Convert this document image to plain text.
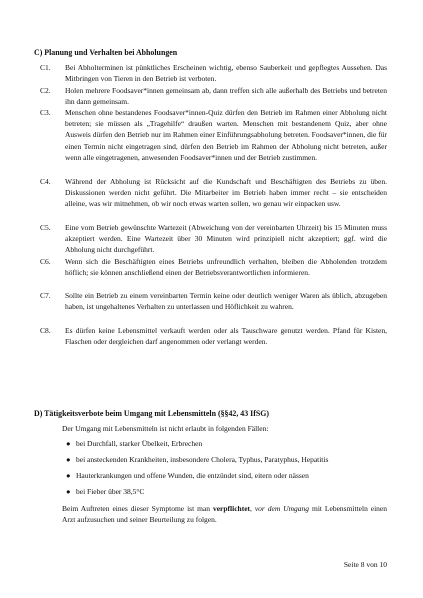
C) Planung und Verhalten bei Abholungen
C1. Bei Abholterminen ist pünktliches Erscheinen wichtig, ebenso Sauberkeit und gepflegtes Aussehen. Das Mitbringen von Tieren in den Betrieb ist verboten.
C2. Holen mehrere Foodsaver*innen gemeinsam ab, dann treffen sich alle außerhalb des Betriebs und betreten ihn dann gemeinsam.
C3. Menschen ohne bestandenes Foodsaver*innen-Quiz dürfen den Betrieb im Rahmen einer Abholung nicht betreten; sie müssen als „Tragehilfe“ draußen warten. Menschen mit bestandenem Quiz, aber ohne Ausweis dürfen den Betrieb nur im Rahmen einer Einführungsabholung betreten. Foodsaver*innen, die für einen Termin nicht eingetragen sind, dürfen den Betrieb im Rahmen der Abholung nicht betreten, außer wenn alle eingetragenen, anwesenden Foodsaver*innen und der Betrieb zustimmen.
C4. Während der Abholung ist Rücksicht auf die Kundschaft und Beschäftigten des Betriebs zu üben. Diskussionen werden nicht geführt. Die Mitarbeiter im Betrieb haben immer recht – sie entscheiden alleine, was wir mitnehmen, ob wir noch etwas warten sollen, wo genau wir einpacken usw.
C5. Eine vom Betrieb gewünschte Wartezeit (Abweichung von der vereinbarten Uhrzeit) bis 15 Minuten muss akzeptiert werden. Eine Wartezeit über 30 Minuten wird prinzipiell nicht akzeptiert; ggf. wird die Abholung nicht durchgeführt.
C6. Wenn sich die Beschäftigten eines Betriebs unfreundlich verhalten, bleiben die Abholenden trotzdem höflich; sie können anschließend einen der Betriebsverantwortlichen informieren.
C7. Sollte ein Betrieb zu einem vereinbarten Termin keine oder deutlich weniger Waren als üblich, abzugeben haben, ist ungehaltenes Verhalten zu unterlassen und Höflichkeit zu wahren.
C8. Es dürfen keine Lebensmittel verkauft werden oder als Tauschware genutzt werden. Pfand für Kisten, Flaschen oder dergleichen darf angenommen oder verlangt werden.
D) Tätigkeitsverbote beim Umgang mit Lebensmitteln (§§42, 43 IfSG)
Der Umgang mit Lebensmitteln ist nicht erlaubt in folgenden Fällen:
● bei Durchfall, starker Übelkeit, Erbrechen
● bei ansteckenden Krankheiten, insbesondere Cholera, Typhus, Paratyphus, Hepatitis
● Hauterkrankungen und offene Wunden, die entzündet sind, eitern oder nässen
● bei Fieber über 38,5°C
Beim Auftreten eines dieser Symptome ist man verpflichtet, vor dem Umgang mit Lebensmitteln einen Arzt aufzusuchen und seiner Beurteilung zu folgen.
Seite 8 von 10
